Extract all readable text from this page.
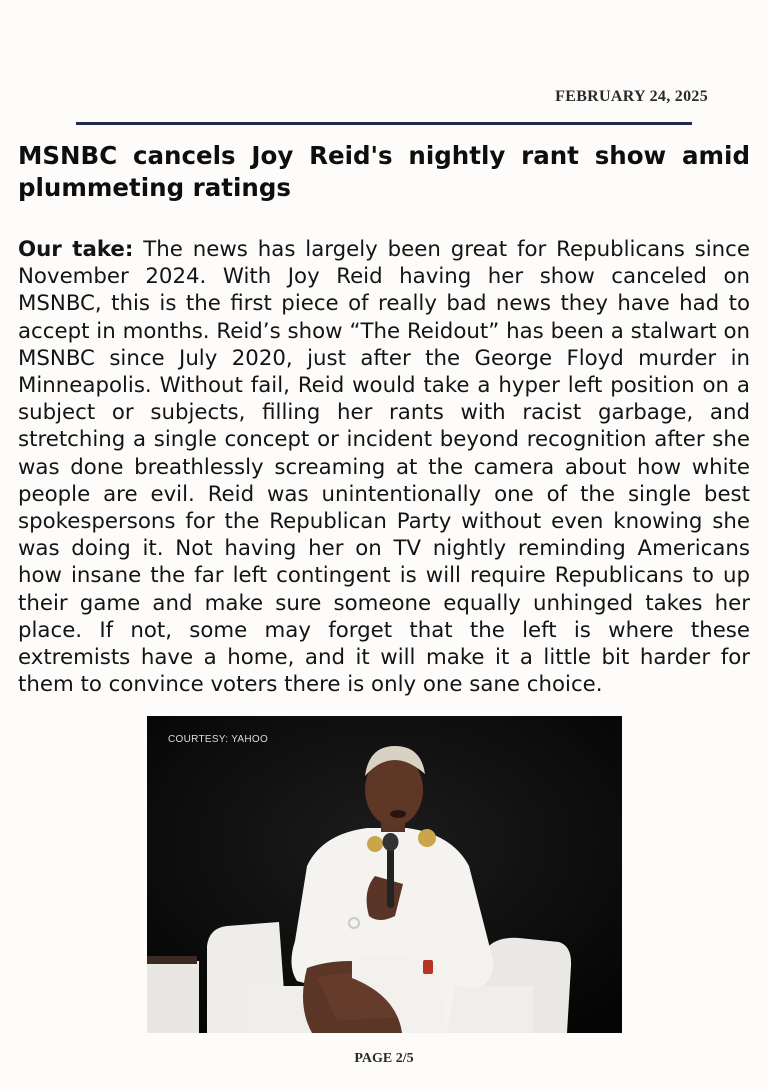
FEBRUARY 24, 2025
MSNBC cancels Joy Reid's nightly rant show amid plummeting ratings

Our take: The news has largely been great for Republicans since November 2024. With Joy Reid having her show canceled on MSNBC, this is the first piece of really bad news they have had to accept in months. Reid’s show “The Reidout” has been a stalwart on MSNBC since July 2020, just after the George Floyd murder in Minneapolis. Without fail, Reid would take a hyper left position on a subject or subjects, filling her rants with racist garbage, and stretching a single concept or incident beyond recognition after she was done breathlessly screaming at the camera about how white people are evil. Reid was unintentionally one of the single best spokespersons for the Republican Party without even knowing she was doing it. Not having her on TV nightly reminding Americans how insane the far left contingent is will require Republicans to up their game and make sure someone equally unhinged takes her place. If not, some may forget that the left is where these extremists have a home, and it will make it a little bit harder for them to convince voters there is only one sane choice.

COURTESY: YAHOO
PAGE 2/5
